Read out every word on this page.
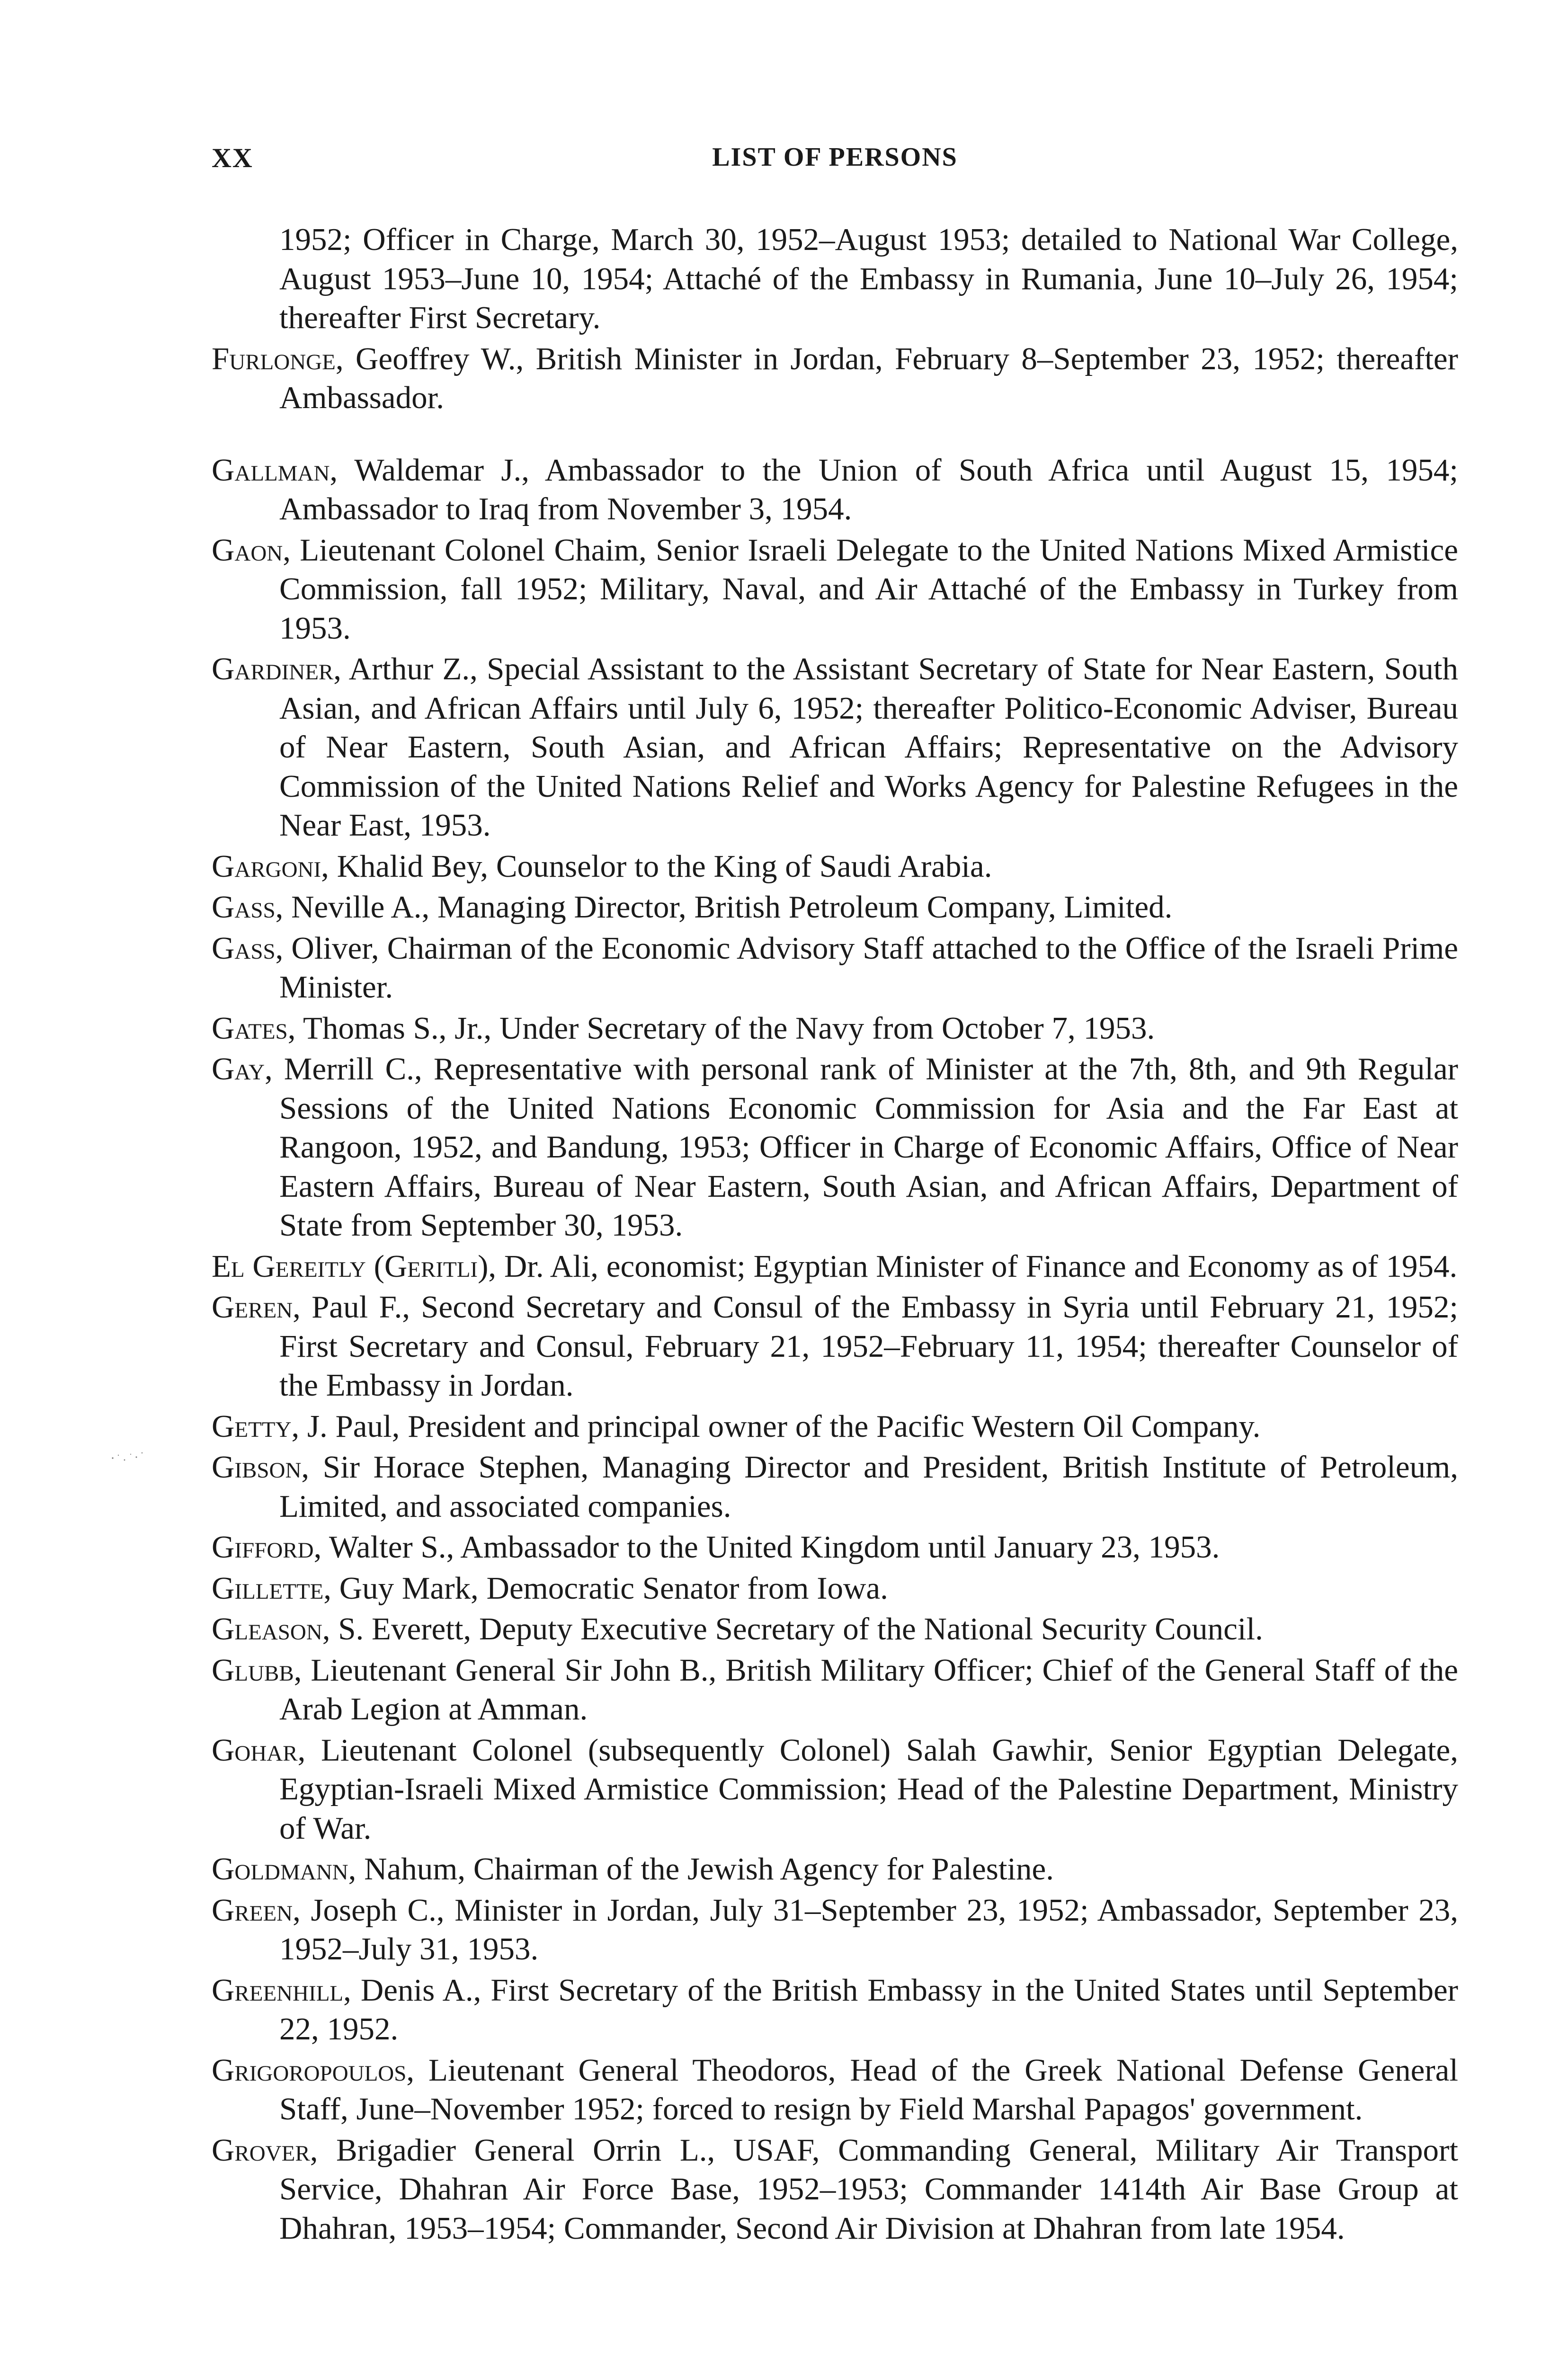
XX	LIST OF PERSONS

1952; Officer in Charge, March 30, 1952–August 1953; detailed to National War College, August 1953–June 10, 1954; Attaché of the Embassy in Rumania, June 10–July 26, 1954; thereafter First Secretary.

Furlonge, Geoffrey W., British Minister in Jordan, February 8–September 23, 1952; thereafter Ambassador.

Gallman, Waldemar J., Ambassador to the Union of South Africa until August 15, 1954; Ambassador to Iraq from November 3, 1954.

Gaon, Lieutenant Colonel Chaim, Senior Israeli Delegate to the United Nations Mixed Armistice Commission, fall 1952; Military, Naval, and Air Attaché of the Embassy in Turkey from 1953.

Gardiner, Arthur Z., Special Assistant to the Assistant Secretary of State for Near Eastern, South Asian, and African Affairs until July 6, 1952; thereafter Politico-Economic Adviser, Bureau of Near Eastern, South Asian, and African Affairs; Representative on the Advisory Commission of the United Nations Relief and Works Agency for Palestine Refugees in the Near East, 1953.

Gargoni, Khalid Bey, Counselor to the King of Saudi Arabia.

Gass, Neville A., Managing Director, British Petroleum Company, Limited.

Gass, Oliver, Chairman of the Economic Advisory Staff attached to the Office of the Israeli Prime Minister.

Gates, Thomas S., Jr., Under Secretary of the Navy from October 7, 1953.

Gay, Merrill C., Representative with personal rank of Minister at the 7th, 8th, and 9th Regular Sessions of the United Nations Economic Commission for Asia and the Far East at Rangoon, 1952, and Bandung, 1953; Officer in Charge of Economic Affairs, Office of Near Eastern Affairs, Bureau of Near Eastern, South Asian, and African Affairs, Department of State from September 30, 1953.

El Gereitly (Geritli), Dr. Ali, economist; Egyptian Minister of Finance and Economy as of 1954.

Geren, Paul F., Second Secretary and Consul of the Embassy in Syria until February 21, 1952; First Secretary and Consul, February 21, 1952–February 11, 1954; thereafter Counselor of the Embassy in Jordan.

Getty, J. Paul, President and principal owner of the Pacific Western Oil Company.

Gibson, Sir Horace Stephen, Managing Director and President, British Institute of Petroleum, Limited, and associated companies.

Gifford, Walter S., Ambassador to the United Kingdom until January 23, 1953.

Gillette, Guy Mark, Democratic Senator from Iowa.

Gleason, S. Everett, Deputy Executive Secretary of the National Security Council.

Glubb, Lieutenant General Sir John B., British Military Officer; Chief of the General Staff of the Arab Legion at Amman.

Gohar, Lieutenant Colonel (subsequently Colonel) Salah Gawhir, Senior Egyptian Delegate, Egyptian-Israeli Mixed Armistice Commission; Head of the Palestine Department, Ministry of War.

Goldmann, Nahum, Chairman of the Jewish Agency for Palestine.

Green, Joseph C., Minister in Jordan, July 31–September 23, 1952; Ambassador, September 23, 1952–July 31, 1953.

Greenhill, Denis A., First Secretary of the British Embassy in the United States until September 22, 1952.

Grigoropoulos, Lieutenant General Theodoros, Head of the Greek National Defense General Staff, June–November 1952; forced to resign by Field Marshal Papagos' government.

Grover, Brigadier General Orrin L., USAF, Commanding General, Military Air Transport Service, Dhahran Air Force Base, 1952–1953; Commander 1414th Air Base Group at Dhahran, 1953–1954; Commander, Second Air Division at Dhahran from late 1954.
